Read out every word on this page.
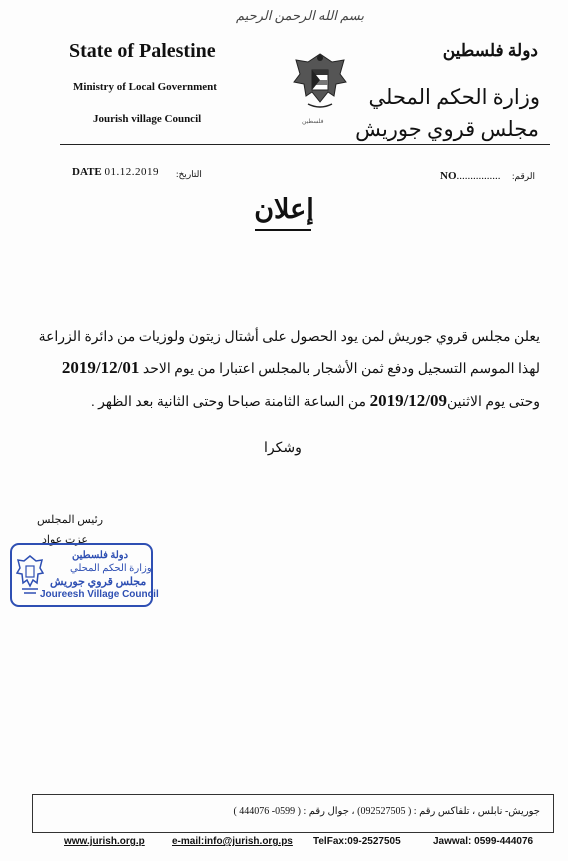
بسم الله الرحمن الرحيم
State of Palestine
Ministry of Local Government
Jourish village Council	فلسطين
دولة فلسطين
وزارة الحكم المحلي
مجلس قروي جوريش
DATE 01.12.2019 التاريخ:	NO................ الرقم:
إعلان
يعلن مجلس قروي جوريش لمن يود الحصول على أشتال زيتون ولوزيات من دائرة الزراعة
لهذا الموسم التسجيل ودفع ثمن الأشجار بالمجلس اعتبارا من يوم الاحد 2019/12/01
وحتى يوم الاثنين2019/12/09 من الساعة الثامنة صباحا وحتى الثانية بعد الظهر .
وشكرا
رئيس المجلس
عزت عواد
دولة فلسطين
وزارة الحكم المحلي
مجلس قروي جوريش
Joureesh Village Council
جوريش- نابلس ، تلفاكس رقم : ( 092527505) ، جوال رقم : ( 0599- 444076 )
www.jurish.org.p	e-mail:info@jurish.org.ps TelFax:09-2527505	Jawwal: 0599-444076
